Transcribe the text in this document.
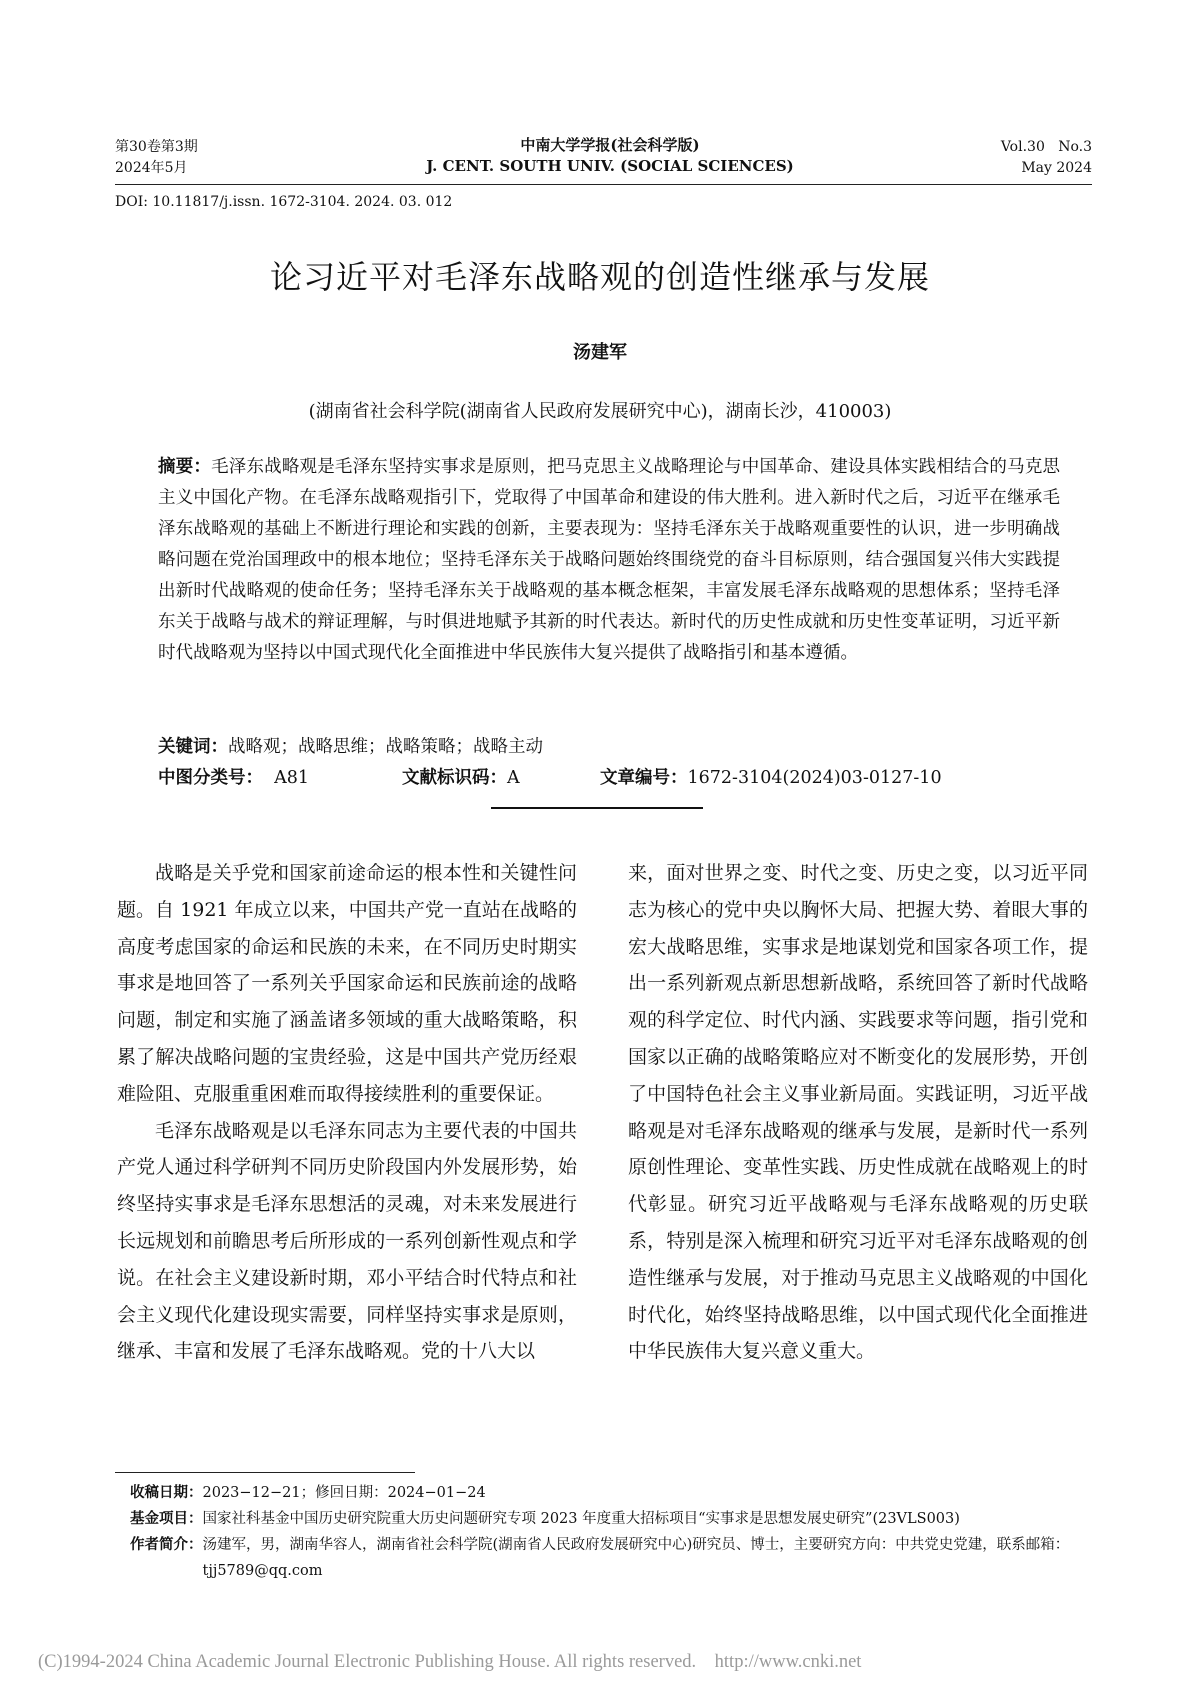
第30卷第3期
2024年5月
中南大学学报(社会科学版)
J. CENT. SOUTH UNIV. (SOCIAL SCIENCES)
Vol.30   No.3
May 2024
DOI: 10.11817/j.issn. 1672-3104. 2024. 03. 012
论习近平对毛泽东战略观的创造性继承与发展
汤建军
(湖南省社会科学院(湖南省人民政府发展研究中心)，湖南长沙，410003)
摘要：毛泽东战略观是毛泽东坚持实事求是原则，把马克思主义战略理论与中国革命、建设具体实践相结合的马克思主义中国化产物。在毛泽东战略观指引下，党取得了中国革命和建设的伟大胜利。进入新时代之后，习近平在继承毛泽东战略观的基础上不断进行理论和实践的创新，主要表现为：坚持毛泽东关于战略观重要性的认识，进一步明确战略问题在党治国理政中的根本地位；坚持毛泽东关于战略问题始终围绕党的奋斗目标原则，结合强国复兴伟大实践提出新时代战略观的使命任务；坚持毛泽东关于战略观的基本概念框架，丰富发展毛泽东战略观的思想体系；坚持毛泽东关于战略与战术的辩证理解，与时俱进地赋予其新的时代表达。新时代的历史性成就和历史性变革证明，习近平新时代战略观为坚持以中国式现代化全面推进中华民族伟大复兴提供了战略指引和基本遵循。
关键词：战略观；战略思维；战略策略；战略主动
中图分类号： A81	文献标识码：A	文章编号：1672-3104(2024)03-0127-10

战略是关乎党和国家前途命运的根本性和关键性问题。自 1921 年成立以来，中国共产党一直站在战略的高度考虑国家的命运和民族的未来，在不同历史时期实事求是地回答了一系列关乎国家命运和民族前途的战略问题，制定和实施了涵盖诸多领域的重大战略策略，积累了解决战略问题的宝贵经验，这是中国共产党历经艰难险阻、克服重重困难而取得接续胜利的重要保证。

毛泽东战略观是以毛泽东同志为主要代表的中国共产党人通过科学研判不同历史阶段国内外发展形势，始终坚持实事求是毛泽东思想活的灵魂，对未来发展进行长远规划和前瞻思考后所形成的一系列创新性观点和学说。在社会主义建设新时期，邓小平结合时代特点和社会主义现代化建设现实需要，同样坚持实事求是原则，继承、丰富和发展了毛泽东战略观。党的十八大以

来，面对世界之变、时代之变、历史之变，以习近平同志为核心的党中央以胸怀大局、把握大势、着眼大事的宏大战略思维，实事求是地谋划党和国家各项工作，提出一系列新观点新思想新战略，系统回答了新时代战略观的科学定位、时代内涵、实践要求等问题，指引党和国家以正确的战略策略应对不断变化的发展形势，开创了中国特色社会主义事业新局面。实践证明，习近平战略观是对毛泽东战略观的继承与发展，是新时代一系列原创性理论、变革性实践、历史性成就在战略观上的时代彰显。研究习近平战略观与毛泽东战略观的历史联系，特别是深入梳理和研究习近平对毛泽东战略观的创造性继承与发展，对于推动马克思主义战略观的中国化时代化，始终坚持战略思维，以中国式现代化全面推进中华民族伟大复兴意义重大。

收稿日期： 2023−12−21；修回日期：2024−01−24
基金项目： 国家社科基金中国历史研究院重大历史问题研究专项 2023 年度重大招标项目“实事求是思想发展史研究”(23VLS003)
作者简介： 汤建军，男，湖南华容人，湖南省社会科学院(湖南省人民政府发展研究中心)研究员、博士，主要研究方向：中共党史党建，联系邮箱：tjj5789@qq.com
(C)1994-2024 China Academic Journal Electronic Publishing House. All rights reserved.    http://www.cnki.net
